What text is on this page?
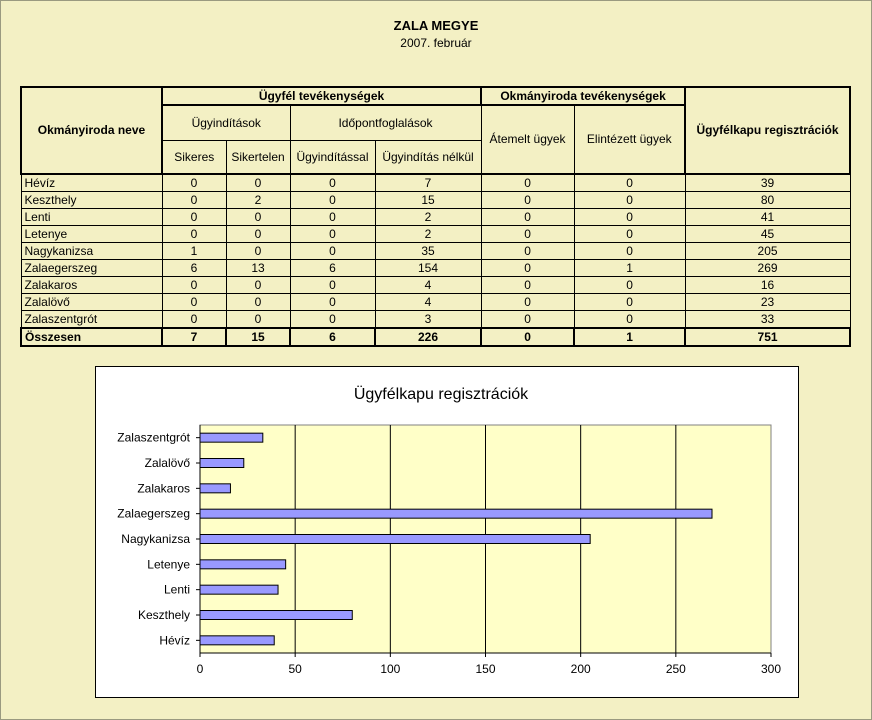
ZALA MEGYE
2007. február
Okmányiroda neve	Ügyfél tevékenységek				Okmányiroda tevékenységek		Ügyfélkapu regisztrációk
	Ügyindítások		Időpontfoglalások		Átemelt ügyek	Elintézett ügyek	
	Sikeres	Sikertelen	Ügyindítással	Ügyindítás nélkül			
Hévíz	0	0	0	7	0	0	39
Keszthely	0	2	0	15	0	0	80
Lenti	0	0	0	2	0	0	41
Letenye	0	0	0	2	0	0	45
Nagykanizsa	1	0	0	35	0	0	205
Zalaegerszeg	6	13	6	154	0	1	269
Zalakaros	0	0	0	4	0	0	16
Zalalövő	0	0	0	4	0	0	23
Zalaszentgrót	0	0	0	3	0	0	33
Összesen	7	15	6	226	0	1	751
Ügyfélkapu regisztrációk
Zalaszentgrót
Zalalövő
Zalakaros
Zalaegerszeg
Nagykanizsa
Letenye
Lenti
Keszthely
Hévíz
0	50	100	150	200	250	300
